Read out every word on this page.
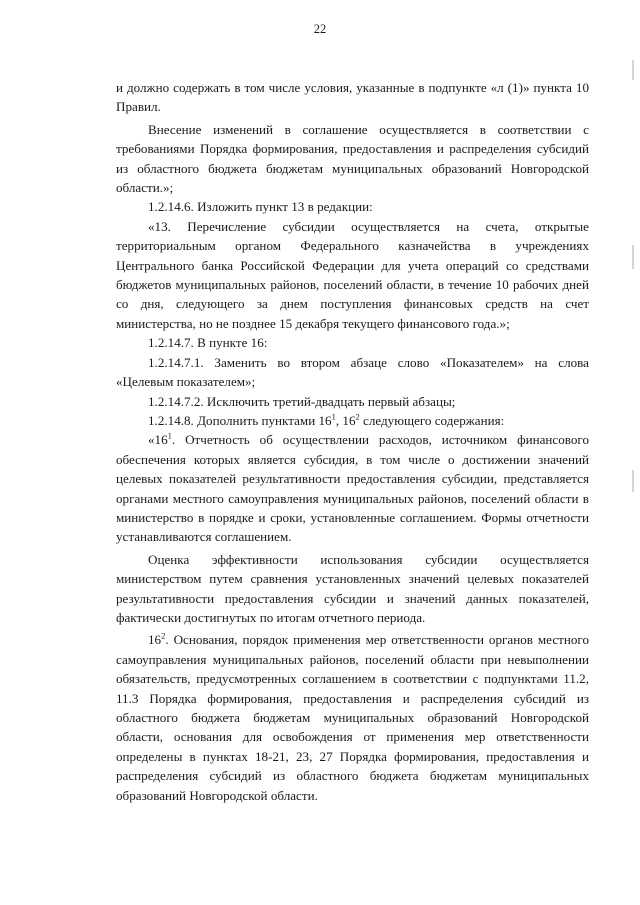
22

и должно содержать в том числе условия, указанные в подпункте «л (1)» пункта 10 Правил.

Внесение изменений в соглашение осуществляется в соответствии с требованиями Порядка формирования, предоставления и распределения субсидий из областного бюджета бюджетам муниципальных образований Новгородской области.»;

1.2.14.6. Изложить пункт 13 в редакции:

«13. Перечисление субсидии осуществляется на счета, открытые территориальным органом Федерального казначейства в учреждениях Центрального банка Российской Федерации для учета операций со средствами бюджетов муниципальных районов, поселений области, в течение 10 рабочих дней со дня, следующего за днем поступления финансовых средств на счет министерства, но не позднее 15 декабря текущего финансового года.»;

1.2.14.7. В пункте 16:

1.2.14.7.1. Заменить во втором абзаце слово «Показателем» на слова «Целевым показателем»;

1.2.14.7.2. Исключить третий-двадцать первый абзацы;

1.2.14.8. Дополнить пунктами $16^1$, $16^2$ следующего содержания:

«$16^1$. Отчетность об осуществлении расходов, источником финансового обеспечения которых является субсидия, в том числе о достижении значений целевых показателей результативности предоставления субсидии, представляется органами местного самоуправления муниципальных районов, поселений области в министерство в порядке и сроки, установленные соглашением. Формы отчетности устанавливаются соглашением.

Оценка эффективности использования субсидии осуществляется министерством путем сравнения установленных значений целевых показателей результативности предоставления субсидии и значений данных показателей, фактически достигнутых по итогам отчетного периода.

$16^2$. Основания, порядок применения мер ответственности органов местного самоуправления муниципальных районов, поселений области при невыполнении обязательств, предусмотренных соглашением в соответствии с подпунктами 11.2, 11.3 Порядка формирования, предоставления и распределения субсидий из областного бюджета бюджетам муниципальных образований Новгородской области, основания для освобождения от применения мер ответственности определены в пунктах 18-21, 23, 27 Порядка формирования, предоставления и распределения субсидий из областного бюджета бюджетам муниципальных образований Новгородской области.
